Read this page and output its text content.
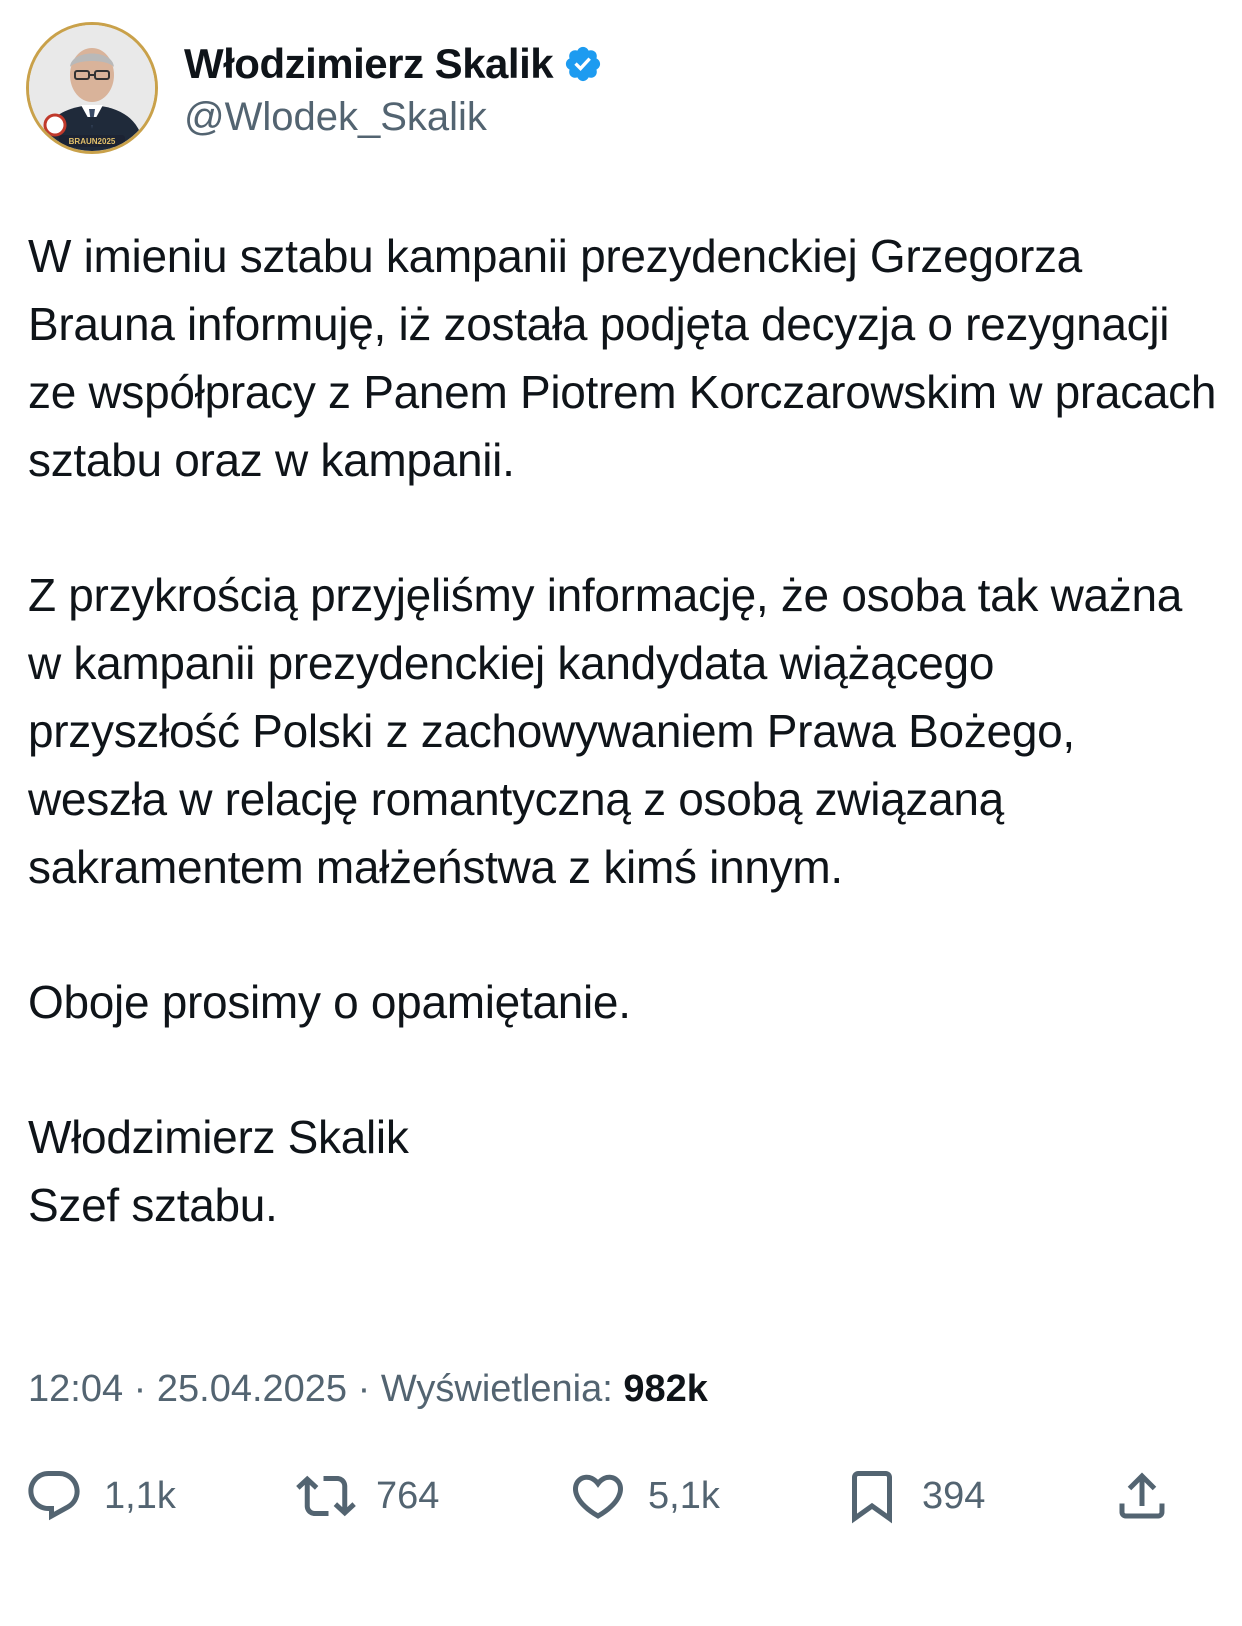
BRAUN2025
Włodzimierz Skalik
@Wlodek_Skalik

W imieniu sztabu kampanii prezydenckiej Grzegorza Brauna informuję, iż została podjęta decyzja o rezygnacji ze współpracy z Panem Piotrem Korczarowskim w pracach sztabu oraz w kampanii.

Z przykrością przyjęliśmy informację, że osoba tak ważna w kampanii prezydenckiej kandydata wiążącego przyszłość Polski z zachowywaniem Prawa Bożego, weszła w relację romantyczną z osobą związaną sakramentem małżeństwa z kimś innym.

Oboje prosimy o opamiętanie.

Włodzimierz Skalik

Szef sztabu.

12:04 · 25.04.2025 · Wyświetlenia: 982k
1,1k	764	5,1k	394
